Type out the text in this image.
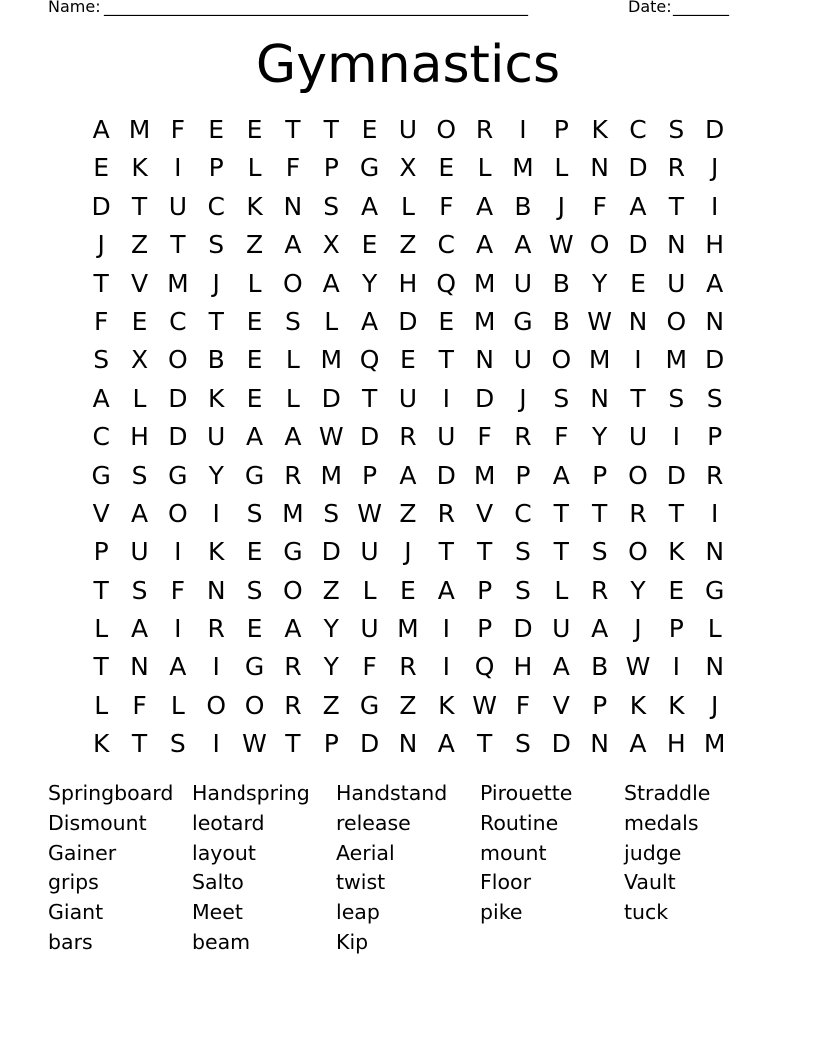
Name: _____________________________________________________	Date: _______
Gymnastics
A M F E E T T E U O R	I	P K C S D
E K	I	P L F P G X E L M L N D R	J
D T U C K N S A L F A B	J	F A T	I
J	Z T S Z A X E Z C A A W O D N H
T V M J	L O A Y H Q M U B Y E U A
F E C T E S L A D E M G B W N O N
S X O B E L M Q E T N U O M I M D
A L D K E L D T U	I	D	J	S N T S S
C H D U A A W D R U F R F Y U	I	P
G S G Y G R M P A D M P A P O D R
V A O I	S M S W Z R V C T T R T	I
P U	I	K E G D U	J	T T S T S O K N
T S F N S O Z L E A P S L R Y E G
L A	I	R E A Y U M I	P D U A	J	P L
T N A	I G R Y F R	I Q H A B W I	N
L F L O O R Z G Z K W F V P K K	J
K T S	I W T P D N A T S D N A H M
Springboard Handspring	Handstand	Pirouette	Straddle
Dismount	leotard	release	Routine	medals
Gainer	layout	Aerial	mount	judge
grips	Salto	twist	Floor	Vault
Giant	Meet	leap	pike	tuck
bars	beam	Kip
